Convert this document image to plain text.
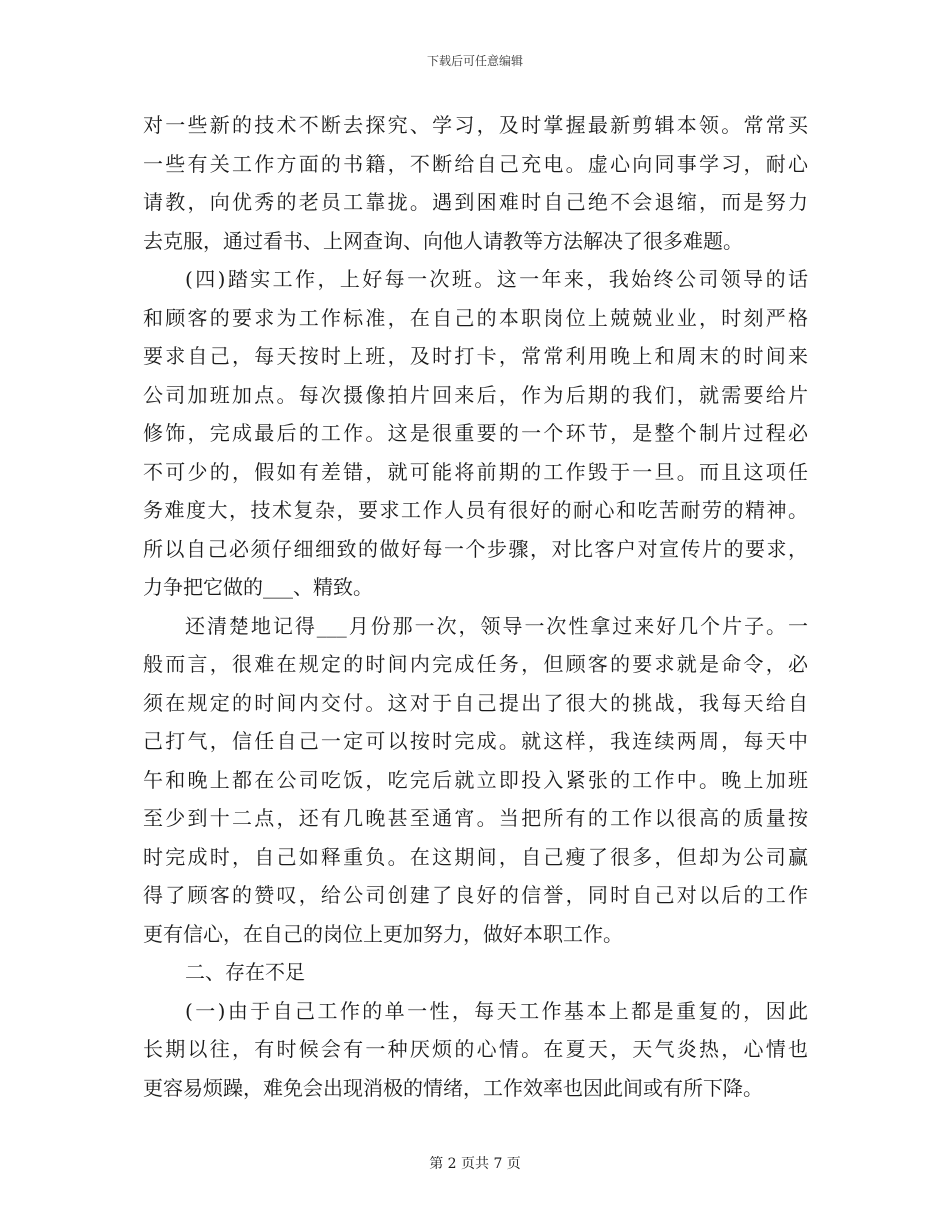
下载后可任意编辑
对一些新的技术不断去探究、学习，及时掌握最新剪辑本领。常常买
一些有关工作方面的书籍，不断给自己充电。虚心向同事学习，耐心
请教，向优秀的老员工靠拢。遇到困难时自己绝不会退缩，而是努力
去克服，通过看书、上网查询、向他人请教等方法解决了很多难题。
(四)踏实工作，上好每一次班。这一年来，我始终公司领导的话
和顾客的要求为工作标准，在自己的本职岗位上兢兢业业，时刻严格
要求自己，每天按时上班，及时打卡，常常利用晚上和周末的时间来
公司加班加点。每次摄像拍片回来后，作为后期的我们，就需要给片
修饰，完成最后的工作。这是很重要的一个环节，是整个制片过程必
不可少的，假如有差错，就可能将前期的工作毁于一旦。而且这项任
务难度大，技术复杂，要求工作人员有很好的耐心和吃苦耐劳的精神。
所以自己必须仔细细致的做好每一个步骤，对比客户对宣传片的要求，
力争把它做的___、精致。
还清楚地记得___月份那一次，领导一次性拿过来好几个片子。一
般而言，很难在规定的时间内完成任务，但顾客的要求就是命令，必
须在规定的时间内交付。这对于自己提出了很大的挑战，我每天给自
己打气，信任自己一定可以按时完成。就这样，我连续两周，每天中
午和晚上都在公司吃饭，吃完后就立即投入紧张的工作中。晚上加班
至少到十二点，还有几晚甚至通宵。当把所有的工作以很高的质量按
时完成时，自己如释重负。在这期间，自己瘦了很多，但却为公司赢
得了顾客的赞叹，给公司创建了良好的信誉，同时自己对以后的工作
更有信心，在自己的岗位上更加努力，做好本职工作。
二、存在不足
(一)由于自己工作的单一性，每天工作基本上都是重复的，因此
长期以往，有时候会有一种厌烦的心情。在夏天，天气炎热，心情也
更容易烦躁，难免会出现消极的情绪，工作效率也因此间或有所下降。
第 2 页共 7 页
